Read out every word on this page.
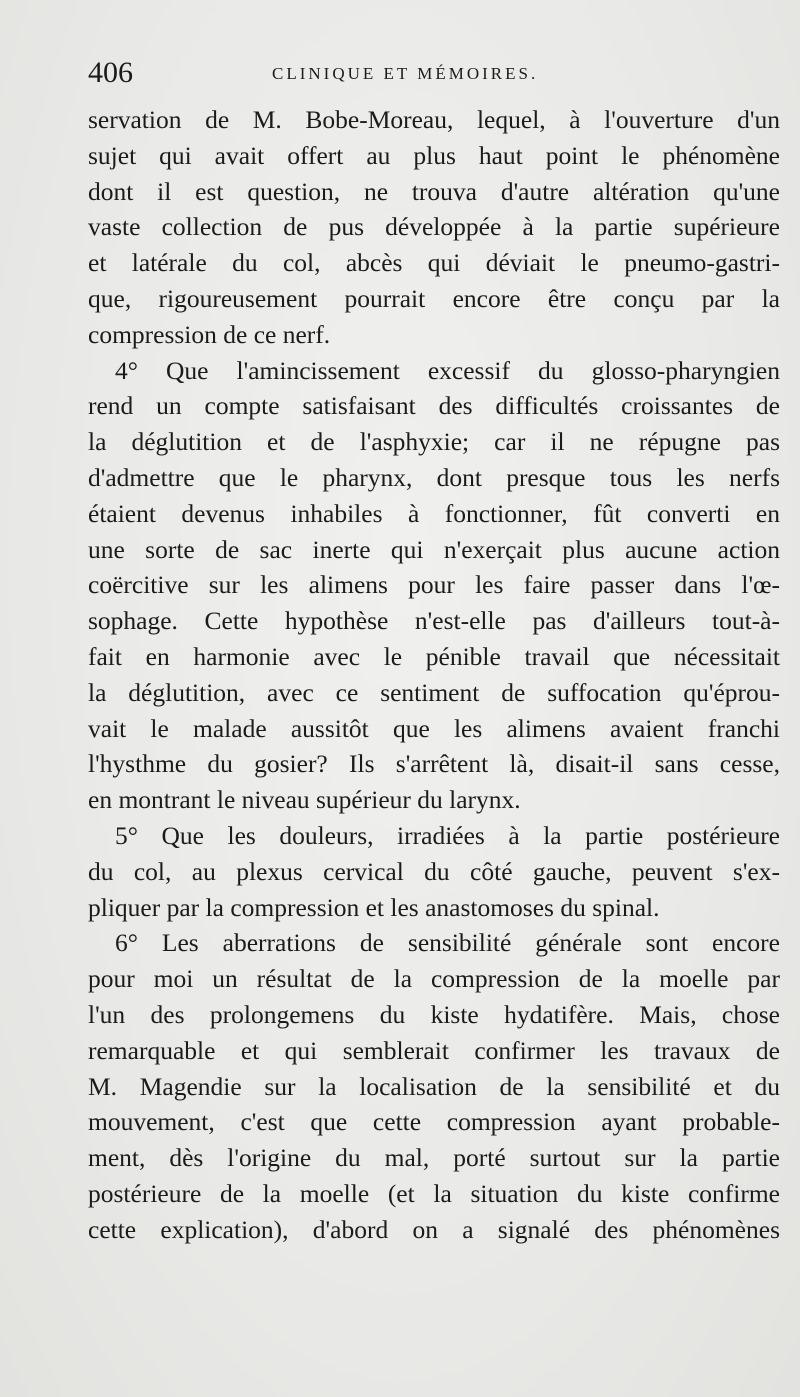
406	CLINIQUE ET MÉMOIRES.
servation de M. Bobe-Moreau, lequel, à l'ouverture d'un
sujet qui avait offert au plus haut point le phénomène
dont il est question, ne trouva d'autre altération qu'une
vaste collection de pus développée à la partie supérieure
et latérale du col, abcès qui déviait le pneumo-gastri-
que, rigoureusement pourrait encore être conçu par la
compression de ce nerf.
4° Que l'amincissement excessif du glosso-pharyngien
rend un compte satisfaisant des difficultés croissantes de
la déglutition et de l'asphyxie; car il ne répugne pas
d'admettre que le pharynx, dont presque tous les nerfs
étaient devenus inhabiles à fonctionner, fût converti en
une sorte de sac inerte qui n'exerçait plus aucune action
coërcitive sur les alimens pour les faire passer dans l'œ-
sophage. Cette hypothèse n'est-elle pas d'ailleurs tout-à-
fait en harmonie avec le pénible travail que nécessitait
la déglutition, avec ce sentiment de suffocation qu'éprou-
vait le malade aussitôt que les alimens avaient franchi
l'hysthme du gosier? Ils s'arrêtent là, disait-il sans cesse,
en montrant le niveau supérieur du larynx.
5° Que les douleurs, irradiées à la partie postérieure
du col, au plexus cervical du côté gauche, peuvent s'ex-
pliquer par la compression et les anastomoses du spinal.
6° Les aberrations de sensibilité générale sont encore
pour moi un résultat de la compression de la moelle par
l'un des prolongemens du kiste hydatifère. Mais, chose
remarquable et qui semblerait confirmer les travaux de
M. Magendie sur la localisation de la sensibilité et du
mouvement, c'est que cette compression ayant probable-
ment, dès l'origine du mal, porté surtout sur la partie
postérieure de la moelle (et la situation du kiste confirme
cette explication), d'abord on a signalé des phénomènes
